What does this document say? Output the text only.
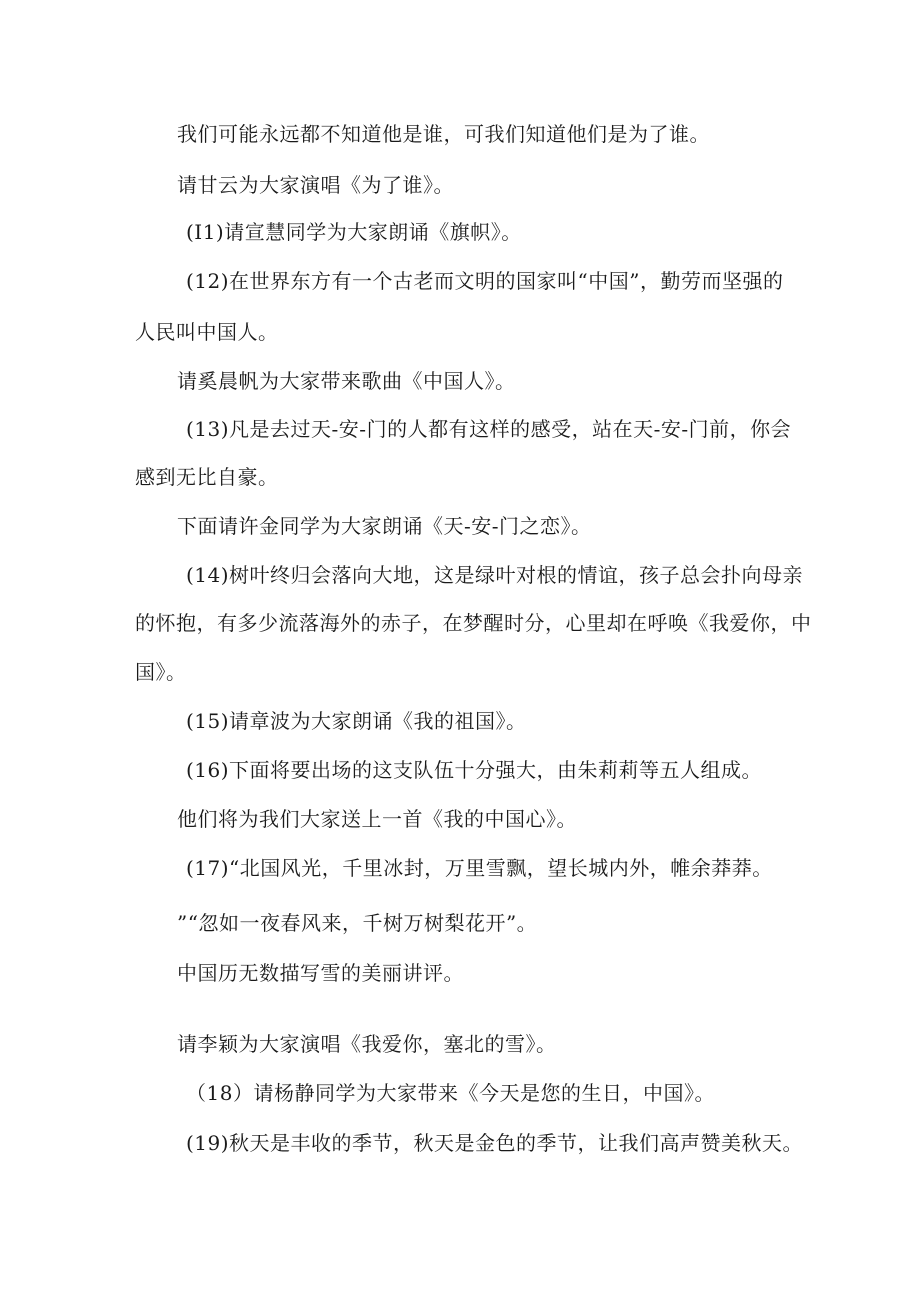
我们可能永远都不知道他是谁，可我们知道他们是为了谁。
请甘云为大家演唱《为了谁》。
(I1)请宣慧同学为大家朗诵《旗帜》。
(12)在世界东方有一个古老而文明的国家叫“中国”，勤劳而坚强的
人民叫中国人。
请奚晨帆为大家带来歌曲《中国人》。
(13)凡是去过天-安-门的人都有这样的感受，站在天-安-门前，你会
感到无比自豪。
下面请许金同学为大家朗诵《天-安-门之恋》。
(14)树叶终归会落向大地，这是绿叶对根的情谊，孩子总会扑向母亲
的怀抱，有多少流落海外的赤子，在梦醒时分，心里却在呼唤《我爱你，中
国》。
(15)请章波为大家朗诵《我的祖国》。
(16)下面将要出场的这支队伍十分强大，由朱莉莉等五人组成。
他们将为我们大家送上一首《我的中国心》。
(17)“北国风光，千里冰封，万里雪飘，望长城内外，帷余莽莽。
”“忽如一夜春风来，千树万树梨花开”。
中国历无数描写雪的美丽讲评。
请李颖为大家演唱《我爱你，塞北的雪》。
（18）请杨静同学为大家带来《今天是您的生日，中国》。
(19)秋天是丰收的季节，秋天是金色的季节，让我们高声赞美秋天。
